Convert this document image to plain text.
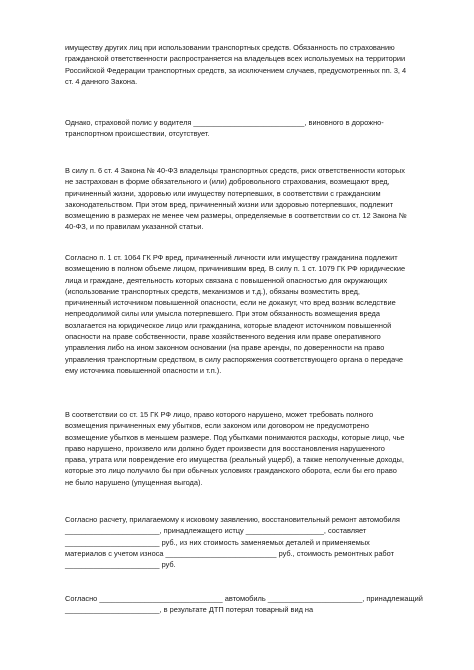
имуществу других лиц при использовании транспортных средств. Обязанность по страхованию
гражданской ответственности распространяется на владельцев всех используемых на территории
Российской Федерации транспортных средств, за исключением случаев, предусмотренных пп. 3, 4
ст. 4 данного Закона.
Однако, страховой полис у водителя ___________________________, виновного в дорожно-
транспортном происшествии, отсутствует.
В силу п. 6 ст. 4 Закона № 40-ФЗ владельцы транспортных средств, риск ответственности которых
не застрахован в форме обязательного и (или) добровольного страхования, возмещают вред,
причиненный жизни, здоровью или имуществу потерпевших, в соответствии с гражданским
законодательством. При этом вред, причиненный жизни или здоровью потерпевших, подлежит
возмещению в размерах не менее чем размеры, определяемые в соответствии со ст. 12 Закона №
40-ФЗ, и по правилам указанной статьи.
Согласно п. 1 ст. 1064 ГК РФ вред, причиненный личности или имуществу гражданина подлежит
возмещению в полном объеме лицом, причинившим вред. В силу п. 1 ст. 1079 ГК РФ юридические
лица и граждане, деятельность которых связана с повышенной опасностью для окружающих
(использование транспортных средств, механизмов и т.д.), обязаны возместить вред,
причиненный источником повышенной опасности, если не докажут, что вред возник вследствие
непреодолимой силы или умысла потерпевшего. При этом обязанность возмещения вреда
возлагается на юридическое лицо или гражданина, которые владеют источником повышенной
опасности на праве собственности, праве хозяйственного ведения или праве оперативного
управления либо на ином законном основании (на праве аренды, по доверенности на право
управления транспортным средством, в силу распоряжения соответствующего органа о передаче
ему источника повышенной опасности и т.п.).
В соответствии со ст. 15 ГК РФ лицо, право которого нарушено, может требовать полного
возмещения причиненных ему убытков, если законом или договором не предусмотрено
возмещение убытков в меньшем размере. Под убытками понимаются расходы, которые лицо, чье
право нарушено, произвело или должно будет произвести для восстановления нарушенного
права, утрата или повреждение его имущества (реальный ущерб), а также неполученные доходы,
которые это лицо получило бы при обычных условиях гражданского оборота, если бы его право
не было нарушено (упущенная выгода).
Согласно расчету, прилагаемому к исковому заявлению, восстановительный ремонт автомобиля
_______________________, принадлежащего истцу ___________________, составляет
_______________________ руб., из них стоимость заменяемых деталей и применяемых
материалов с учетом износа ___________________________ руб., стоимость ремонтных работ
_______________________ руб.
Согласно ______________________________ автомобиль _______________________, принадлежащий
_______________________, в результате ДТП потерял товарный вид на
